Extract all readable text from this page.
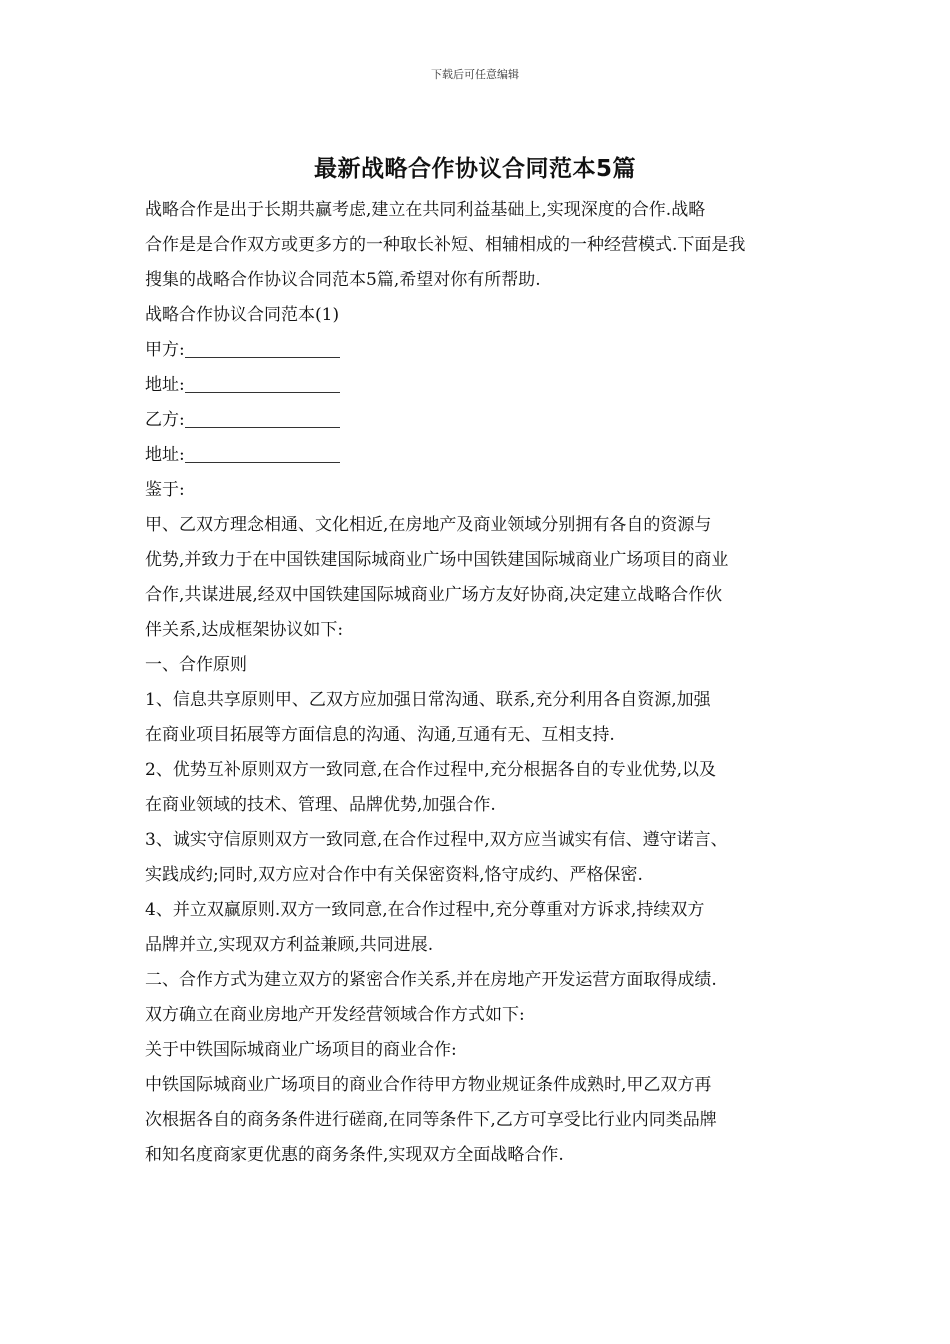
下载后可任意编辑
最新战略合作协议合同范本5篇

战略合作是出于长期共赢考虑,建立在共同利益基础上,实现深度的合作.战略

合作是是合作双方或更多方的一种取长补短、相辅相成的一种经营模式.下面是我

搜集的战略合作协议合同范本5篇,希望对你有所帮助.

战略合作协议合同范本(1)

甲方:

地址:

乙方:

地址:

鉴于:

甲、乙双方理念相通、文化相近,在房地产及商业领域分别拥有各自的资源与

优势,并致力于在中国铁建国际城商业广场中国铁建国际城商业广场项目的商业

合作,共谋进展,经双中国铁建国际城商业广场方友好协商,决定建立战略合作伙

伴关系,达成框架协议如下:

一、合作原则

1、信息共享原则甲、乙双方应加强日常沟通、联系,充分利用各自资源,加强

在商业项目拓展等方面信息的沟通、沟通,互通有无、互相支持.

2、优势互补原则双方一致同意,在合作过程中,充分根据各自的专业优势,以及

在商业领域的技术、管理、品牌优势,加强合作.

3、诚实守信原则双方一致同意,在合作过程中,双方应当诚实有信、遵守诺言、

实践成约;同时,双方应对合作中有关保密资料,恪守成约、严格保密.

4、并立双赢原则.双方一致同意,在合作过程中,充分尊重对方诉求,持续双方

品牌并立,实现双方利益兼顾,共同进展.

二、合作方式为建立双方的紧密合作关系,并在房地产开发运营方面取得成绩.

双方确立在商业房地产开发经营领域合作方式如下:

关于中铁国际城商业广场项目的商业合作:

中铁国际城商业广场项目的商业合作待甲方物业规证条件成熟时,甲乙双方再

次根据各自的商务条件进行磋商,在同等条件下,乙方可享受比行业内同类品牌

和知名度商家更优惠的商务条件,实现双方全面战略合作.
